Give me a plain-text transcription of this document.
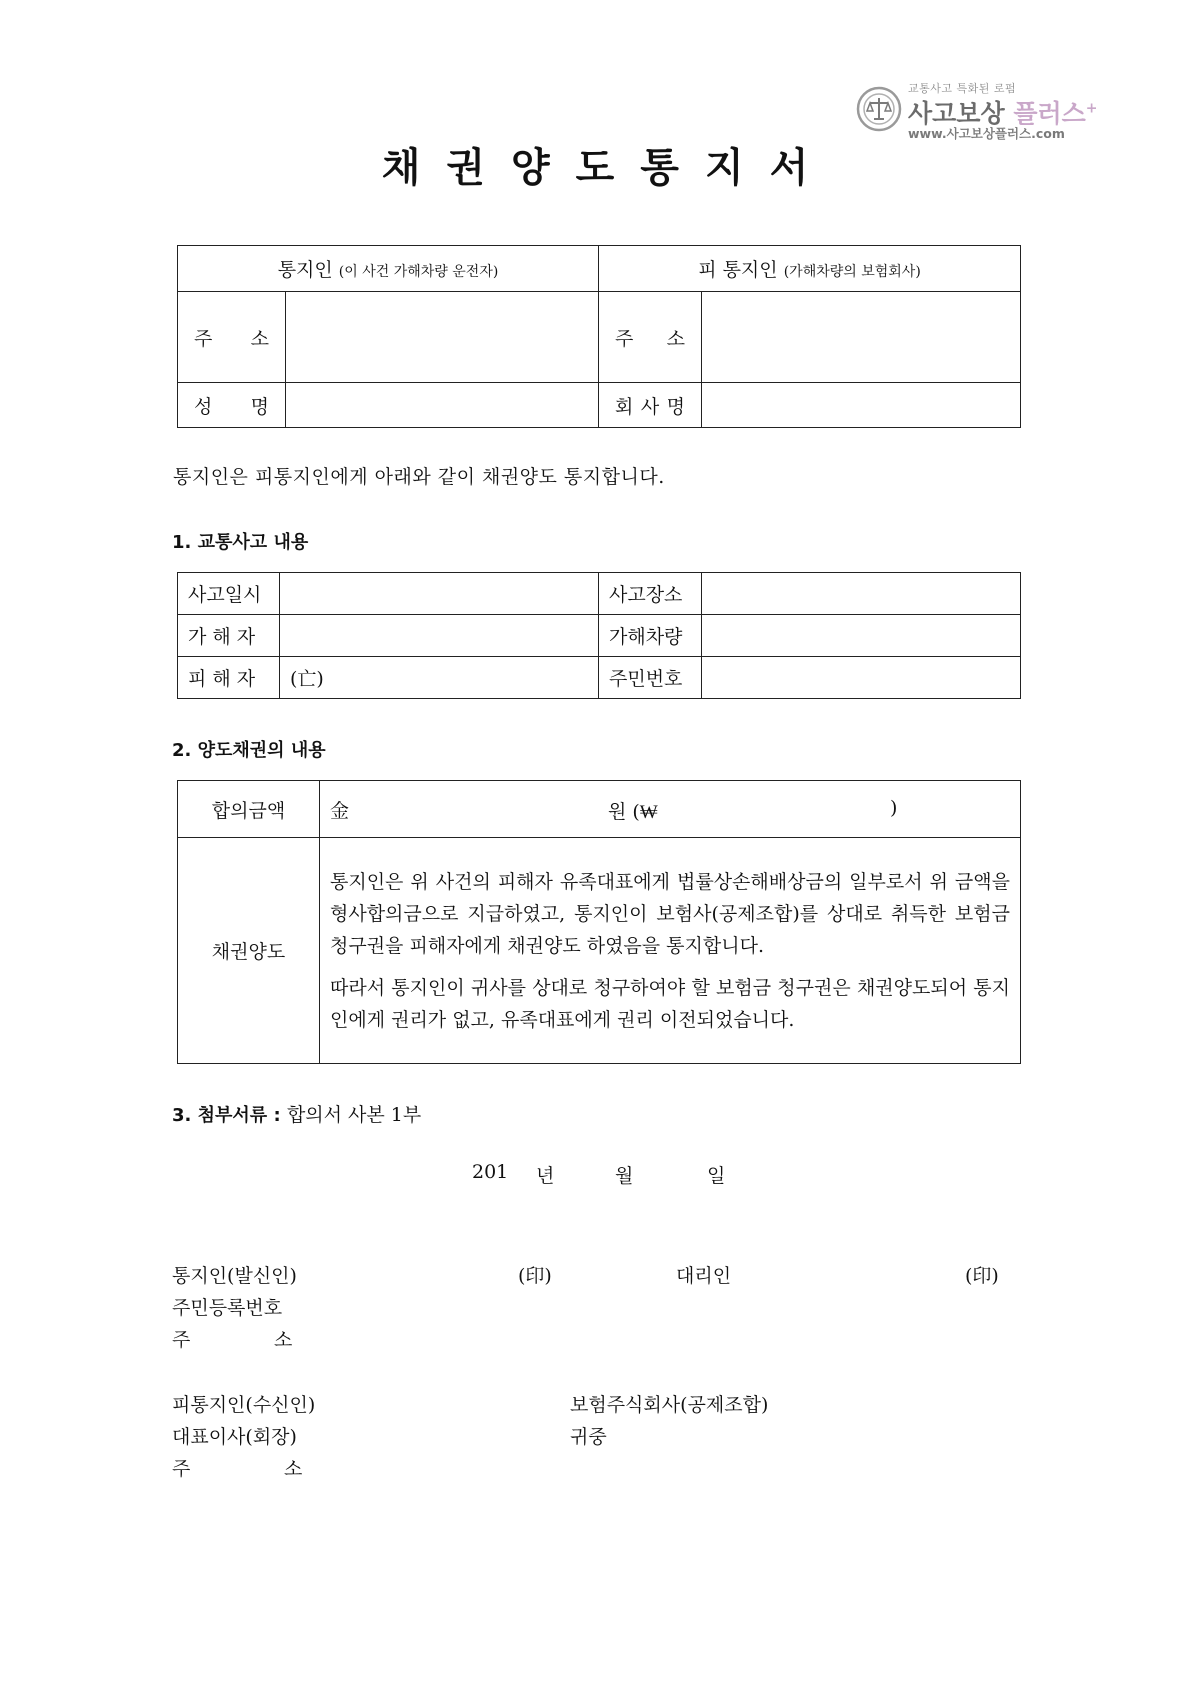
교통사고 특화된 로펌
사고보상 플러스+
www.사고보상플러스.com
채권양도통지서
통지인 (이 사건 가해차량 운전자)		피 통지인 (가해차량의 보험회사)	
주 소		주 소	
성 명		회 사 명	
통지인은 피통지인에게 아래와 같이 채권양도 통지합니다.
1. 교통사고 내용
사고일시		사고장소	
가 해 자		가해차량	
피 해 자	(亡)	주민번호	
2. 양도채권의 내용
합의금액	金 원 (₩ )

채권양도	통지인은 위 사건의 피해자 유족대표에게 법률상손해배상금의 일부로서 위 금액을 형사합의금으로 지급하였고, 통지인이 보험사(공제조합)를 상대로 취득한 보험금청구권을 피해자에게 채권양도 하였음을 통지합니다.

따라서 통지인이 귀사를 상대로 청구하여야 할 보험금 청구권은 채권양도되어 통지인에게 권리가 없고, 유족대표에게 권리 이전되었습니다.

3. 첨부서류 : 합의서 사본 1부
201 년	월	일
통지인(발신인)	(印)	대리인	(印)
주민등록번호
주	소
피통지인(수신인)	보험주식회사(공제조합)
대표이사(회장)	귀중
주	소
